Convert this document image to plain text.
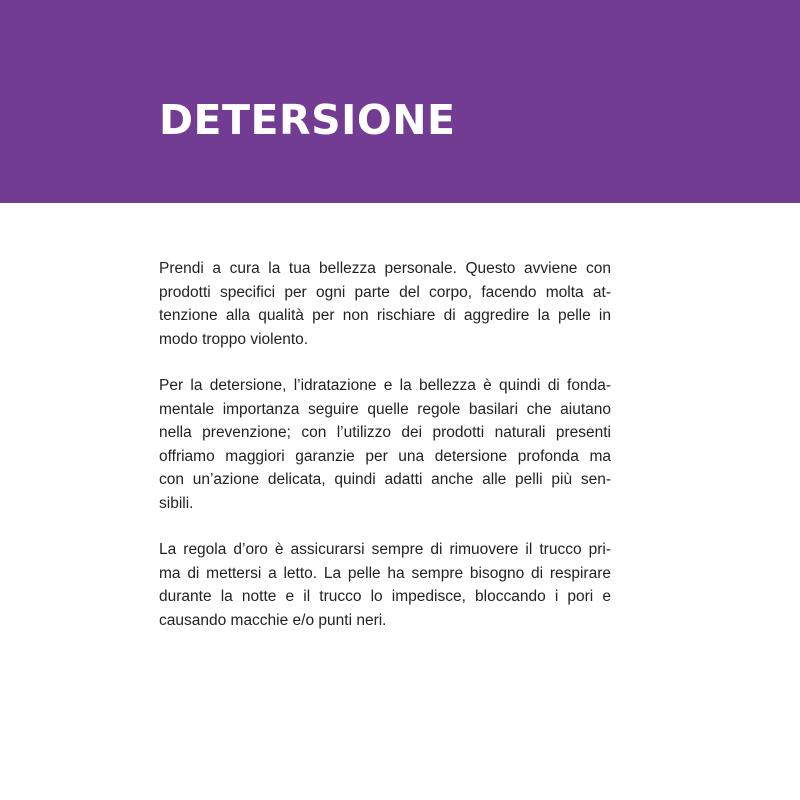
DETERSIONE

Prendi a cura la tua bellezza personale. Questo avviene con
prodotti specifici per ogni parte del corpo, facendo molta at-
tenzione alla qualità per non rischiare di aggredire la pelle in
modo troppo violento.

Per la detersione, l’idratazione e la bellezza è quindi di fonda-
mentale importanza seguire quelle regole basilari che aiutano
nella prevenzione; con l’utilizzo dei prodotti naturali presenti
offriamo maggiori garanzie per una detersione profonda ma
con un’azione delicata, quindi adatti anche alle pelli più sen-
sibili.

La regola d’oro è assicurarsi sempre di rimuovere il trucco pri-
ma di mettersi a letto. La pelle ha sempre bisogno di respirare
durante la notte e il trucco lo impedisce, bloccando i pori e
causando macchie e/o punti neri.
